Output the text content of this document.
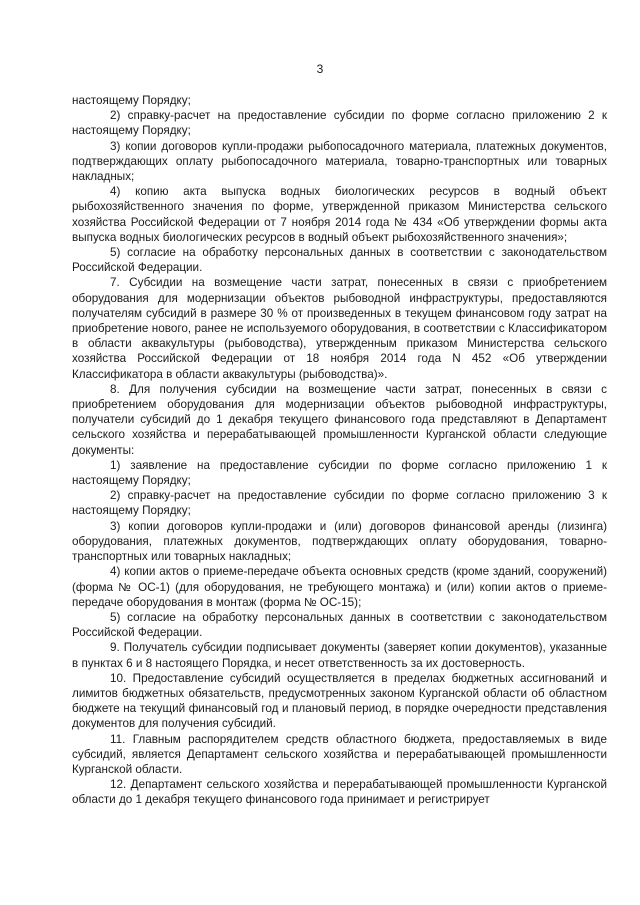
3

настоящему Порядку;

2) справку-расчет на предоставление субсидии по форме согласно приложению 2 к настоящему Порядку;

3) копии договоров купли-продажи рыбопосадочного материала, платежных документов, подтверждающих оплату рыбопосадочного материала, товарно-транспортных или товарных накладных;

4) копию акта выпуска водных биологических ресурсов в водный объект рыбохозяйственного значения по форме, утвержденной приказом Министерства сельского хозяйства Российской Федерации от 7 ноября 2014 года № 434 «Об утверждении формы акта выпуска водных биологических ресурсов в водный объект рыбохозяйственного значения»;

5) согласие на обработку персональных данных в соответствии с законодательством Российской Федерации.

7. Субсидии на возмещение части затрат, понесенных в связи с приобретением оборудования для модернизации объектов рыбоводной инфраструктуры, предоставляются получателям субсидий в размере 30 % от произведенных в текущем финансовом году затрат на приобретение нового, ранее не используемого оборудования, в соответствии с Классификатором в области аквакультуры (рыбоводства), утвержденным приказом Министерства сельского хозяйства Российской Федерации от 18 ноября 2014 года N 452 «Об утверждении Классификатора в области аквакультуры (рыбоводства)».

8. Для получения субсидии на возмещение части затрат, понесенных в связи с приобретением оборудования для модернизации объектов рыбоводной инфраструктуры, получатели субсидий до 1 декабря текущего финансового года представляют в Департамент сельского хозяйства и перерабатывающей промышленности Курганской области следующие документы:

1) заявление на предоставление субсидии по форме согласно приложению 1 к настоящему Порядку;

2) справку-расчет на предоставление субсидии по форме согласно приложению 3 к настоящему Порядку;

3) копии договоров купли-продажи и (или) договоров финансовой аренды (лизинга) оборудования, платежных документов, подтверждающих оплату оборудования, товарно-транспортных или товарных накладных;

4) копии актов о приеме-передаче объекта основных средств (кроме зданий, сооружений) (форма № ОС-1) (для оборудования, не требующего монтажа) и (или) копии актов о приеме-передаче оборудования в монтаж (форма № ОС-15);

5) согласие на обработку персональных данных в соответствии с законодательством Российской Федерации.

9. Получатель субсидии подписывает документы (заверяет копии документов), указанные в пунктах 6 и 8 настоящего Порядка, и несет ответственность за их достоверность.

10. Предоставление субсидий осуществляется в пределах бюджетных ассигнований и лимитов бюджетных обязательств, предусмотренных законом Курганской области об областном бюджете на текущий финансовый год и плановый период, в порядке очередности представления документов для получения субсидий.

11. Главным распорядителем средств областного бюджета, предоставляемых в виде субсидий, является Департамент сельского хозяйства и перерабатывающей промышленности Курганской области.

12. Департамент сельского хозяйства и перерабатывающей промышленности Курганской области до 1 декабря текущего финансового года принимает и регистрирует
